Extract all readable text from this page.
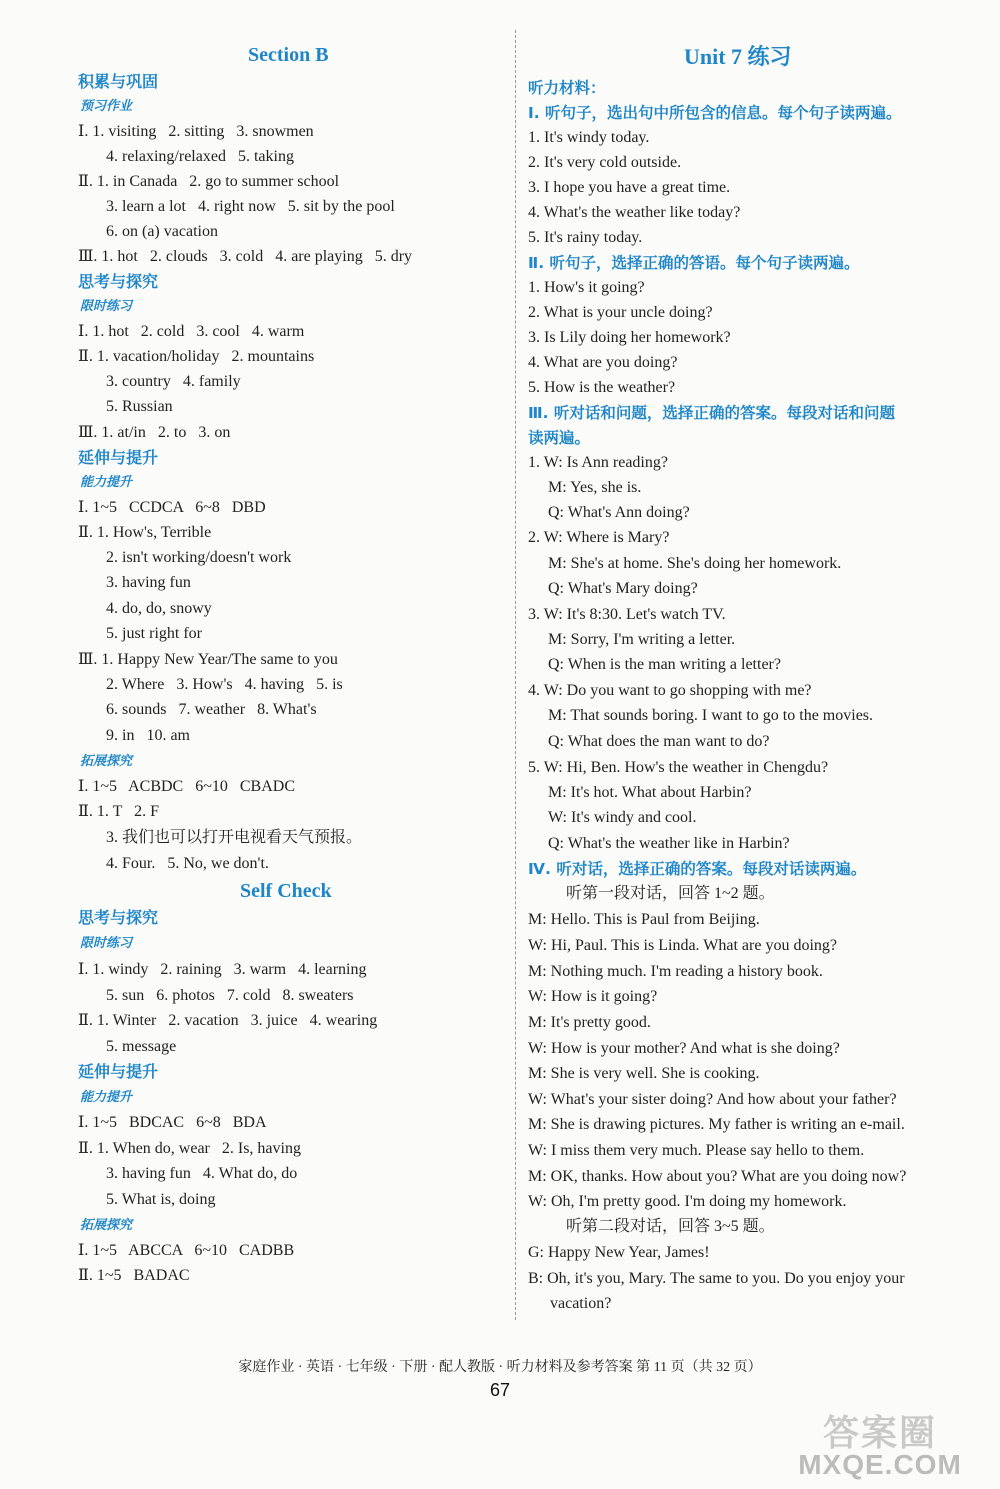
Section B
积累与巩固
预习作业
Ⅰ. 1. visiting   2. sitting   3. snowmen
4. relaxing/relaxed   5. taking
Ⅱ. 1. in Canada   2. go to summer school
3. learn a lot   4. right now   5. sit by the pool
6. on (a) vacation
Ⅲ. 1. hot   2. clouds   3. cold   4. are playing   5. dry
思考与探究
限时练习
Ⅰ. 1. hot   2. cold   3. cool   4. warm
Ⅱ. 1. vacation/holiday   2. mountains
3. country   4. family
5. Russian
Ⅲ. 1. at/in   2. to   3. on
延伸与提升
能力提升
Ⅰ. 1~5   CCDCA   6~8   DBD
Ⅱ. 1. How's, Terrible
2. isn't working/doesn't work
3. having fun
4. do, do, snowy
5. just right for
Ⅲ. 1. Happy New Year/The same to you
2. Where   3. How's   4. having   5. is
6. sounds   7. weather   8. What's
9. in   10. am
拓展探究
Ⅰ. 1~5   ACBDC   6~10   CBADC
Ⅱ. 1. T   2. F
3. 我们也可以打开电视看天气预报。
4. Four.   5. No, we don't.
Self Check
思考与探究
限时练习
Ⅰ. 1. windy   2. raining   3. warm   4. learning
5. sun   6. photos   7. cold   8. sweaters
Ⅱ. 1. Winter   2. vacation   3. juice   4. wearing
5. message
延伸与提升
能力提升
Ⅰ. 1~5   BDCAC   6~8   BDA
Ⅱ. 1. When do, wear   2. Is, having
3. having fun   4. What do, do
5. What is, doing
拓展探究
Ⅰ. 1~5   ABCCA   6~10   CADBB
Ⅱ. 1~5   BADAC
Unit 7 练习
听力材料：
Ⅰ. 听句子，选出句中所包含的信息。每个句子读两遍。
1. It's windy today.
2. It's very cold outside.
3. I hope you have a great time.
4. What's the weather like today?
5. It's rainy today.
Ⅱ. 听句子，选择正确的答语。每个句子读两遍。
1. How's it going?
2. What is your uncle doing?
3. Is Lily doing her homework?
4. What are you doing?
5. How is the weather?
Ⅲ. 听对话和问题，选择正确的答案。每段对话和问题
读两遍。
1. W: Is Ann reading?
M: Yes, she is.
Q: What's Ann doing?
2. W: Where is Mary?
M: She's at home. She's doing her homework.
Q: What's Mary doing?
3. W: It's 8:30. Let's watch TV.
M: Sorry, I'm writing a letter.
Q: When is the man writing a letter?
4. W: Do you want to go shopping with me?
M: That sounds boring. I want to go to the movies.
Q: What does the man want to do?
5. W: Hi, Ben. How's the weather in Chengdu?
M: It's hot. What about Harbin?
W: It's windy and cool.
Q: What's the weather like in Harbin?
Ⅳ. 听对话，选择正确的答案。每段对话读两遍。
听第一段对话，回答 1~2 题。
M: Hello. This is Paul from Beijing.
W: Hi, Paul. This is Linda. What are you doing?
M: Nothing much. I'm reading a history book.
W: How is it going?
M: It's pretty good.
W: How is your mother? And what is she doing?
M: She is very well. She is cooking.
W: What's your sister doing? And how about your father?
M: She is drawing pictures. My father is writing an e-mail.
W: I miss them very much. Please say hello to them.
M: OK, thanks. How about you? What are you doing now?
W: Oh, I'm pretty good. I'm doing my homework.
听第二段对话，回答 3~5 题。
G: Happy New Year, James!
B: Oh, it's you, Mary. The same to you. Do you enjoy your
vacation?
家庭作业 · 英语 · 七年级 · 下册 · 配人教版 · 听力材料及参考答案 第 11 页（共 32 页）
67
答案圈
MXQE.COM
